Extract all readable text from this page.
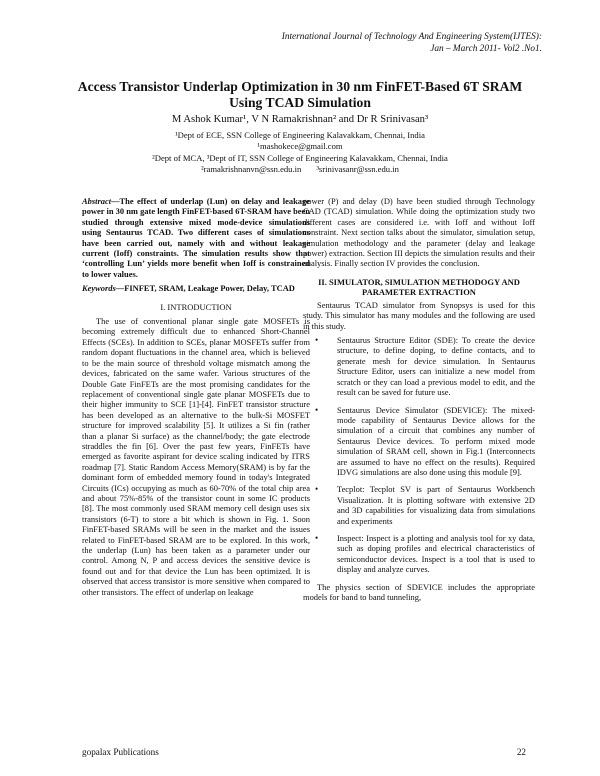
International Journal of Technology And Engineering System(IJTES):
Jan – March 2011- Vol2 .No1.
Access Transistor Underlap Optimization in 30 nm FinFET-Based 6T SRAM Using TCAD Simulation
M Ashok Kumar¹, V N Ramakrishnan² and Dr R Srinivasan³
¹Dept of ECE, SSN College of Engineering Kalavakkam, Chennai, India
¹mashokece@gmail.com
²Dept of MCA, ³Dept of IT, SSN College of Engineering Kalavakkam, Chennai, India
²ramakrishnanvn@ssn.edu.in       ³srinivasanr@ssn.edu.in

Abstract—The effect of underlap (Lun) on delay and leakage power in 30 nm gate length FinFET-based 6T-SRAM have been studied through extensive mixed mode-device simulations using Sentaurus TCAD. Two different cases of simulations have been carried out, namely with and without leakage current (Ioff) constraints. The simulation results show that ‘controlling Lun’ yields more benefit when Ioff is constrained to lower values.

Keywords—FINFET, SRAM, Leakage Power, Delay, TCAD

I. INTRODUCTION

The use of conventional planar single gate MOSFETs is becoming extremely difficult due to enhanced Short-Channel Effects (SCEs). In addition to SCEs, planar MOSFETs suffer from random dopant fluctuations in the channel area, which is believed to be the main source of threshold voltage mismatch among the devices, fabricated on the same wafer. Various structures of the Double Gate FinFETs are the most promising candidates for the replacement of conventional single gate planar MOSFETs due to their higher immunity to SCE [1]-[4]. FinFET transistor structure has been developed as an alternative to the bulk-Si MOSFET structure for improved scalability [5]. It utilizes a Si fin (rather than a planar Si surface) as the channel/body; the gate electrode straddles the fin [6]. Over the past few years, FinFETs have emerged as favorite aspirant for device scaling indicated by ITRS roadmap [7]. Static Random Access Memory(SRAM) is by far the dominant form of embedded memory found in today's Integrated Circuits (ICs) occupying as much as 60-70% of the total chip area and about 75%-85% of the transistor count in some IC products [8]. The most commonly used SRAM memory cell design uses six transistors (6-T) to store a bit which is shown in Fig. 1. Soon FinFET-based SRAMs will be seen in the market and the issues related to FinFET-based SRAM are to be explored. In this work, the underlap (Lun) has been taken as a parameter under our control. Among N, P and access devices the sensitive device is found out and for that device the Lun has been optimized. It is observed that access transistor is more sensitive when compared to other transistors. The effect of underlap on leakage

power (P) and delay (D) have been studied through Technology CAD (TCAD) simulation. While doing the optimization study two different cases are considered i.e. with Ioff and without Ioff constraint. Next section talks about the simulator, simulation setup, simulation methodology and the parameter (delay and leakage power) extraction. Section III depicts the simulation results and their analysis. Finally section IV provides the conclusion.

II. SIMULATOR, SIMULATION METHODOGY AND PARAMETER EXTRACTION

Sentaurus TCAD simulator from Synopsys is used for this study. This simulator has many modules and the following are used in this study.

• Sentaurus Structure Editor (SDE): To create the device structure, to define doping, to define contacts, and to generate mesh for device simulation. In Sentaurus Structure Editor, users can initialize a new model from scratch or they can load a previous model to edit, and the result can be saved for future use.
• Sentaurus Device Simulator (SDEVICE): The mixed-mode capability of Sentaurus Device allows for the simulation of a circuit that combines any number of Sentaurus Device devices. To perform mixed mode simulation of SRAM cell, shown in Fig.1 (Interconnects are assumed to have no effect on the results). Required IDVG simulations are also done using this module [9].
• Tecplot: Tecplot SV is part of Sentaurus Workbench Visualization. It is plotting software with extensive 2D and 3D capabilities for visualizing data from simulations and experiments
• Inspect: Inspect is a plotting and analysis tool for xy data, such as doping profiles and electrical characteristics of semiconductor devices. Inspect is a tool that is used to display and analyze curves.

The physics section of SDEVICE includes the appropriate models for band to band tunneling,

gopalax Publications	22
